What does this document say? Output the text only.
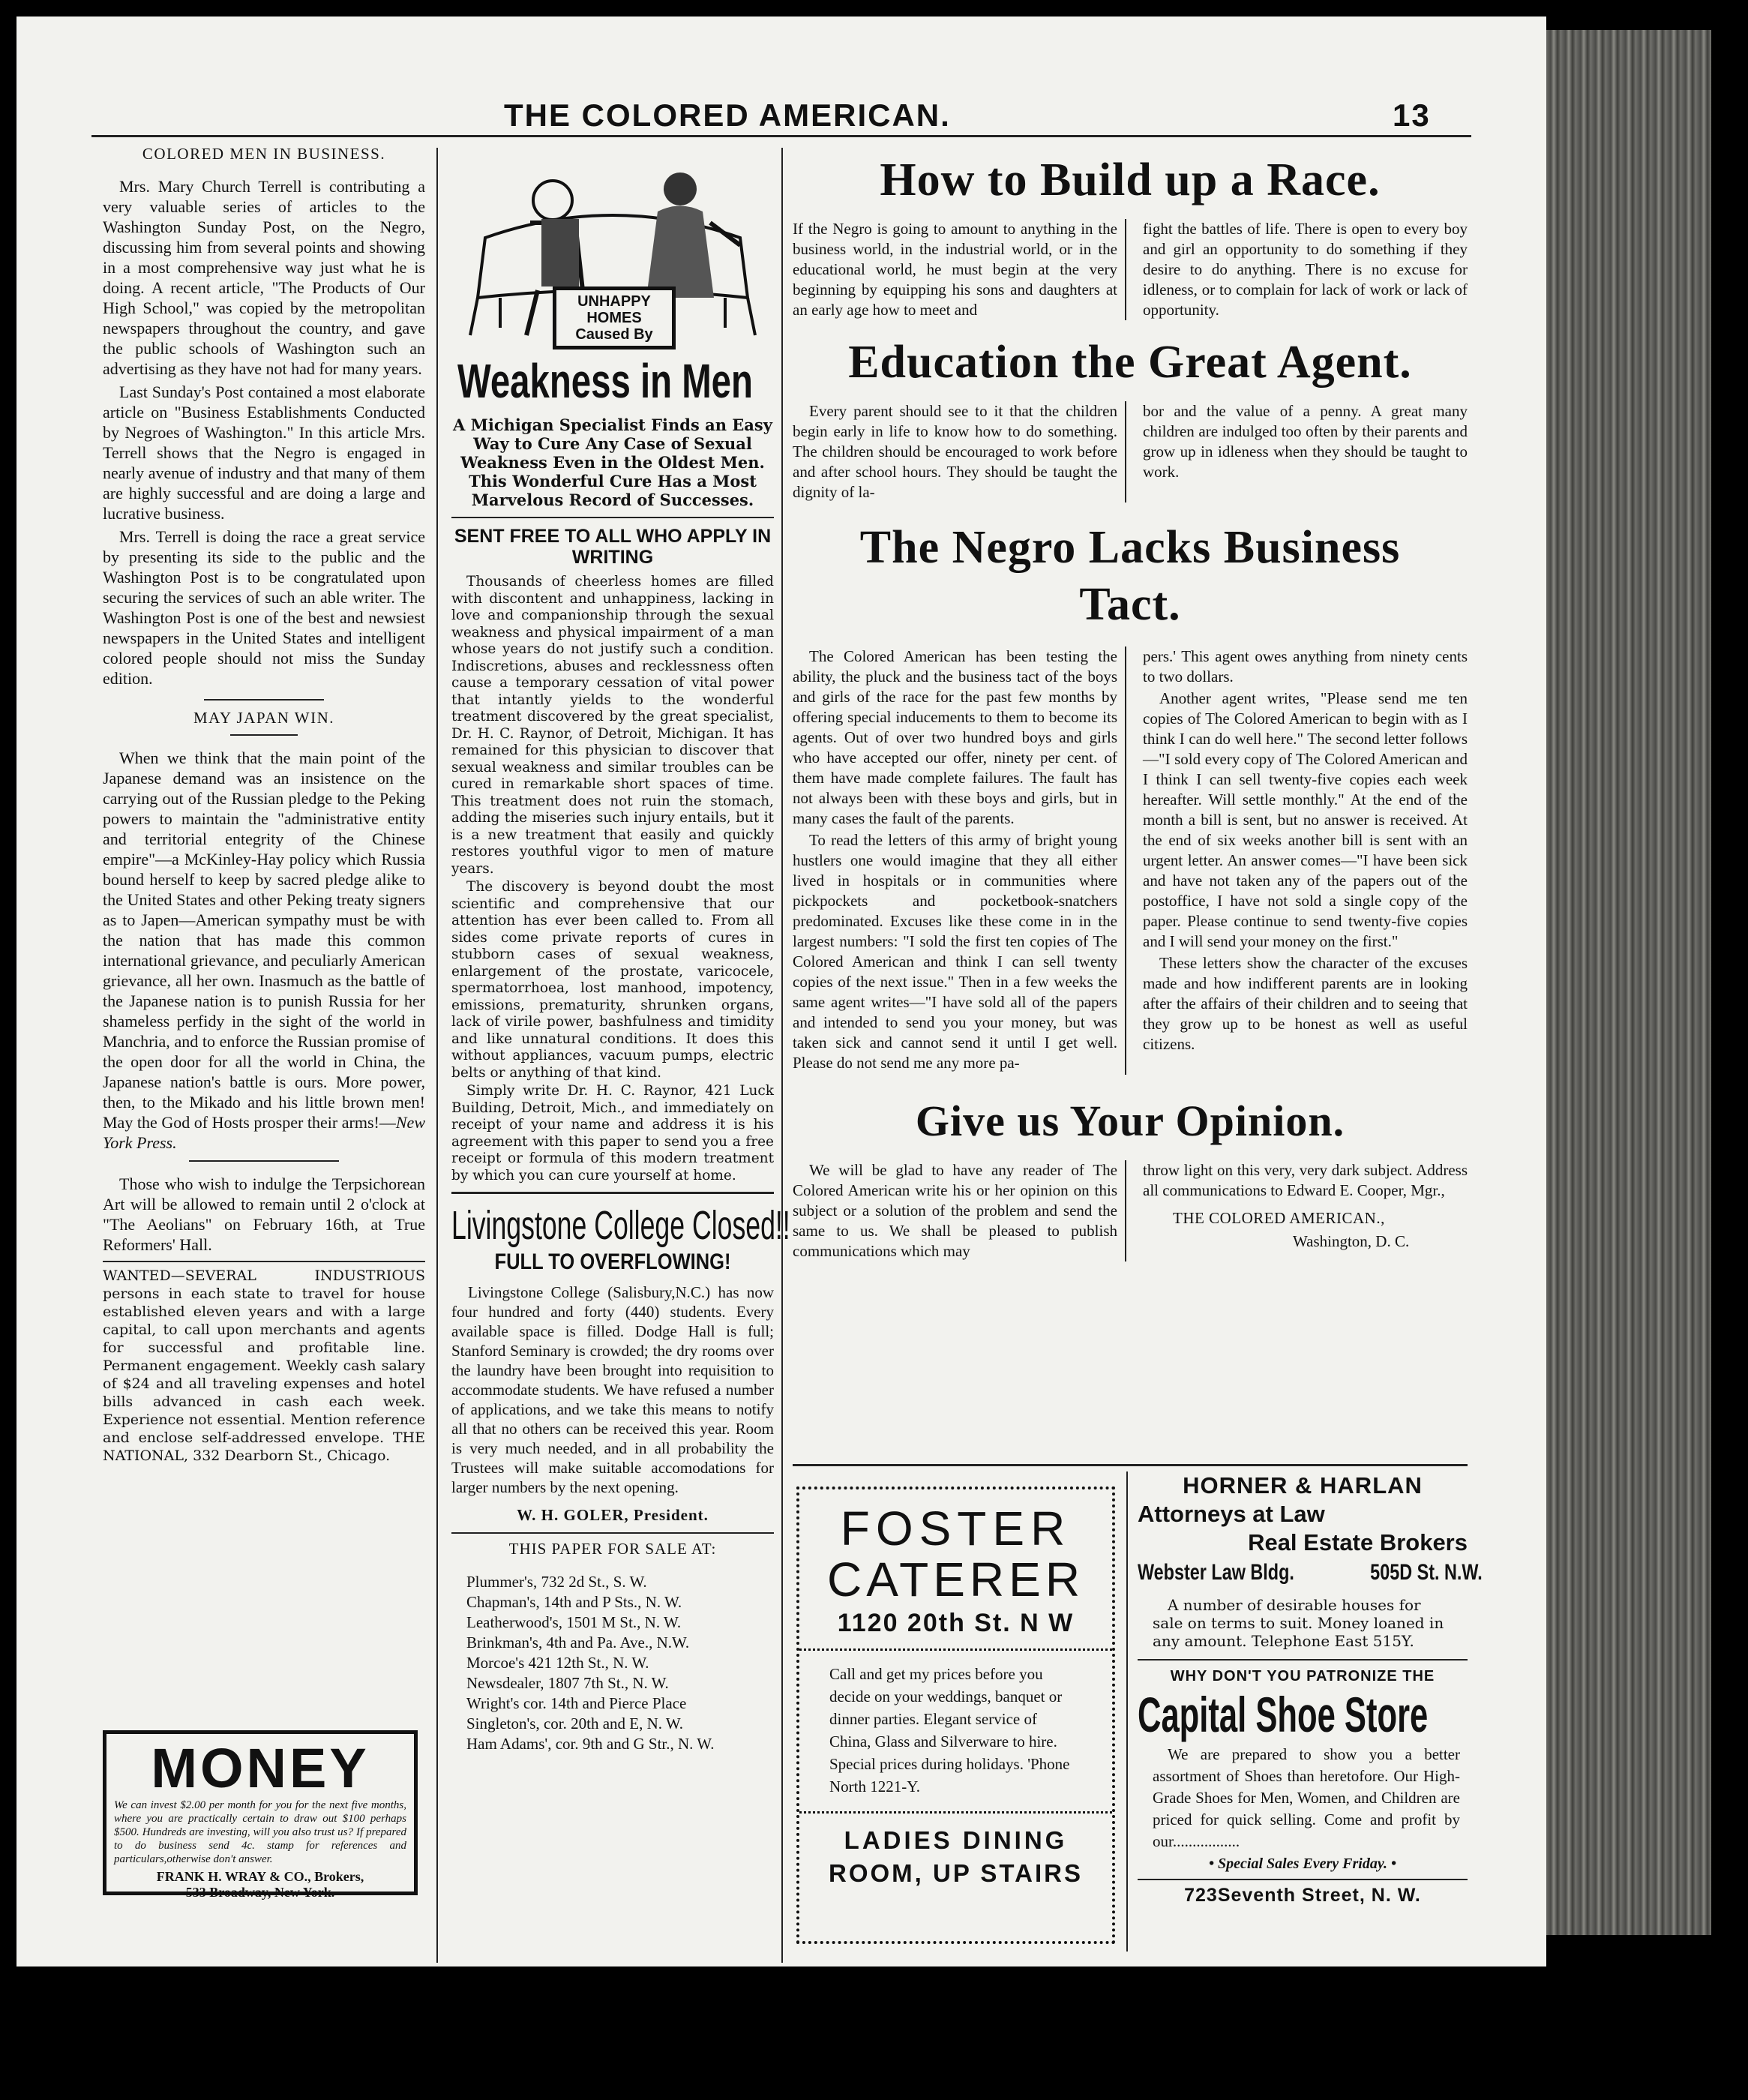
THE COLORED AMERICAN.	13
COLORED MEN IN BUSINESS.

Mrs. Mary Church Terrell is contributing a very valuable series of articles to the Washington Sunday Post, on the Negro, discussing him from several points and showing in a most comprehensive way just what he is doing. A recent article, "The Products of Our High School," was copied by the metropolitan newspapers throughout the country, and gave the public schools of Washington such an advertising as they have not had for many years.

Last Sunday's Post contained a most elaborate article on "Business Establishments Conducted by Negroes of Washington." In this article Mrs. Terrell shows that the Negro is engaged in nearly avenue of industry and that many of them are highly successful and are doing a large and lucrative business.

Mrs. Terrell is doing the race a great service by presenting its side to the public and the Washington Post is to be congratulated upon securing the services of such an able writer. The Washington Post is one of the best and newsiest newspapers in the United States and intelligent colored people should not miss the Sunday edition.

MAY JAPAN WIN.

When we think that the main point of the Japanese demand was an insistence on the carrying out of the Russian pledge to the Peking powers to maintain the "administrative entity and territorial entegrity of the Chinese empire"—a McKinley-Hay policy which Russia bound herself to keep by sacred pledge alike to the United States and other Peking treaty signers as to Japen—American sympathy must be with the nation that has made this common international grievance, and peculiarly American grievance, all her own. Inasmuch as the battle of the Japanese nation is to punish Russia for her shameless perfidy in the sight of the world in Manchria, and to enforce the Russian promise of the open door for all the world in China, the Japanese nation's battle is ours. More power, then, to the Mikado and his little brown men! May the God of Hosts prosper their arms!—New York Press.

Those who wish to indulge the Terpsichorean Art will be allowed to remain until 2 o'clock at "The Aeolians" on February 16th, at True Reformers' Hall.

WANTED—SEVERAL INDUSTRIOUS persons in each state to travel for house established eleven years and with a large capital, to call upon merchants and agents for successful and profitable line. Permanent engagement. Weekly cash salary of $24 and all traveling expenses and hotel bills advanced in cash each week. Experience not essential. Mention reference and enclose self-addressed envelope. THE NATIONAL, 332 Dearborn St., Chicago.
MONEY
We can invest $2.00 per month for you for the next five months, where you are practically certain to draw out $100 perhaps $500. Hundreds are investing, will you also trust us? If prepared to do business send 4c. stamp for references and particulars,otherwise don't answer.
FRANK H. WRAY & CO., Brokers,
533 Broadway, New York.
UNHAPPY HOMES Caused By
Weakness in Men
A Michigan Specialist Finds an Easy Way to Cure Any Case of Sexual Weakness Even in the Oldest Men. This Wonderful Cure Has a Most Marvelous Record of Successes.
SENT FREE TO ALL WHO APPLY IN WRITING

Thousands of cheerless homes are filled with discontent and unhappiness, lacking in love and companionship through the sexual weakness and physical impairment of a man whose years do not justify such a condition. Indiscretions, abuses and recklessness often cause a temporary cessation of vital power that intantly yields to the wonderful treatment discovered by the great specialist, Dr. H. C. Raynor, of Detroit, Michigan. It has remained for this physician to discover that sexual weakness and similar troubles can be cured in remarkable short spaces of time. This treatment does not ruin the stomach, adding the miseries such injury entails, but it is a new treatment that easily and quickly restores youthful vigor to men of mature years.

The discovery is beyond doubt the most scientific and comprehensive that our attention has ever been called to. From all sides come private reports of cures in stubborn cases of sexual weakness, enlargement of the prostate, varicocele, spermatorrhoea, lost manhood, impotency, emissions, prematurity, shrunken organs, lack of virile power, bashfulness and timidity and like unnatural conditions. It does this without appliances, vacuum pumps, electric belts or anything of that kind.

Simply write Dr. H. C. Raynor, 421 Luck Building, Detroit, Mich., and immediately on receipt of your name and address it is his agreement with this paper to send you a free receipt or formula of this modern treatment by which you can cure yourself at home.

Livingstone College Closed!!
FULL TO OVERFLOWING!
Livingstone College (Salisbury,N.C.) has now four hundred and forty (440) students. Every available space is filled. Dodge Hall is full; Stanford Seminary is crowded; the dry rooms over the laundry have been brought into requisition to accommodate students. We have refused a number of applications, and we take this means to notify all that no others can be received this year. Room is very much needed, and in all probability the Trustees will make suitable accomodations for larger numbers by the next opening.
W. H. GOLER, President.
THIS PAPER FOR SALE AT:
Plummer's, 732 2d St., S. W.
Chapman's, 14th and P Sts., N. W.
Leatherwood's, 1501 M St., N. W.
Brinkman's, 4th and Pa. Ave., N.W.
Morcoe's 421 12th St., N. W.
Newsdealer, 1807 7th St., N. W.
Wright's cor. 14th and Pierce Place
Singleton's, cor. 20th and E, N. W.
Ham Adams', cor. 9th and G Str., N. W.
How to Build up a Race.
If the Negro is going to amount to anything in the business world, in the industrial world, or in the educational world, he must begin at the very beginning by equipping his sons and daughters at an early age how to meet and
fight the battles of life. There is open to every boy and girl an opportunity to do something if they desire to do anything. There is no excuse for idleness, or to complain for lack of work or lack of opportunity.
Education the Great Agent.
Every parent should see to it that the children begin early in life to know how to do something. The children should be encouraged to work before and after school hours. They should be taught the dignity of la-
bor and the value of a penny. A great many children are indulged too often by their parents and grow up in idleness when they should be taught to work.
The Negro Lacks Business
Tact.

The Colored American has been testing the ability, the pluck and the business tact of the boys and girls of the race for the past few months by offering special inducements to them to become its agents. Out of over two hundred boys and girls who have accepted our offer, ninety per cent. of them have made complete failures. The fault has not always been with these boys and girls, but in many cases the fault of the parents.

To read the letters of this army of bright young hustlers one would imagine that they all either lived in hospitals or in communities where pickpockets and pocketbook-snatchers predominated. Excuses like these come in in the largest numbers: "I sold the first ten copies of The Colored American and think I can sell twenty copies of the next issue." Then in a few weeks the same agent writes—"I have sold all of the papers and intended to send you your money, but was taken sick and cannot send it until I get well. Please do not send me any more pa-

pers.' This agent owes anything from ninety cents to two dollars.

Another agent writes, "Please send me ten copies of The Colored American to begin with as I think I can do well here." The second letter follows—"I sold every copy of The Colored American and I think I can sell twenty-five copies each week hereafter. Will settle monthly." At the end of the month a bill is sent, but no answer is received. At the end of six weeks another bill is sent with an urgent letter. An answer comes—"I have been sick and have not taken any of the papers out of the postoffice, I have not sold a single copy of the paper. Please continue to send twenty-five copies and I will send your money on the first."

These letters show the character of the excuses made and how indifferent parents are in looking after the affairs of their children and to seeing that they grow up to be honest as well as useful citizens.

Give us Your Opinion.
We will be glad to have any reader of The Colored American write his or her opinion on this subject or a solution of the problem and send the same to us. We shall be pleased to publish communications which may
throw light on this very, very dark subject. Address all communications to Edward E. Cooper, Mgr.,
THE COLORED AMERICAN.,
Washington, D. C.
FOSTER
CATERER
1120 20th St. N W
Call and get my prices before you decide on your weddings, banquet or dinner parties. Elegant service of China, Glass and Silverware to hire. Special prices during holidays. 'Phone North 1221-Y.
LADIES DINING
ROOM, UP STAIRS
HORNER & HARLAN
Attorneys at Law
Real Estate Brokers
Webster Law Bldg.	505D St. N.W.
A number of desirable houses for sale on terms to suit. Money loaned in any amount. Telephone East 515Y.
WHY DON'T YOU PATRONIZE THE
Capital Shoe Store
We are prepared to show you a better assortment of Shoes than heretofore. Our High-Grade Shoes for Men, Women, and Children are priced for quick selling. Come and profit by our.................
• Special Sales Every Friday. •
723Seventh Street, N. W.
